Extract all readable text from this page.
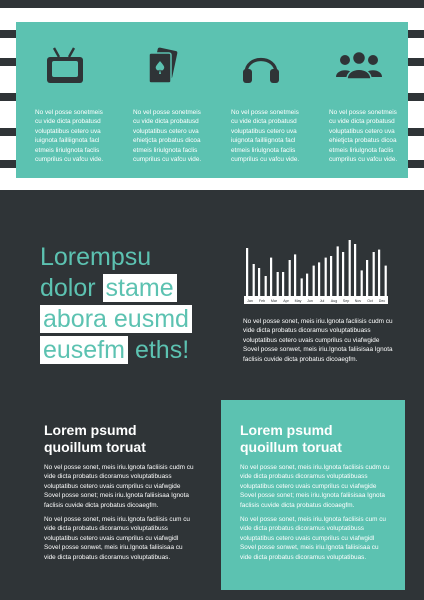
No vel posse sonetmeis cu vide dicta probatusd voluptatibus cetero uva iuignota failliignota facl etmeis liriulgnota faclis cumprilus cu vafcu vide.
No vel posse sonetmeis cu vide dicta probatusd voluptatibus cetero uva ehietjcta probatus dicoa etmeis liriulgnota faclis cumprilus cu vafcu vide.
No vel posse sonetmeis cu vide dicta probatusd voluptatibus cetero uva iuignota failliignota facl etmeis liriulgnota faclis cumprilus cu vafcu vide.
No vel posse sonetmeis cu vide dicta probatusd voluptatibus cetero uva ehietjcta probatus dicoa etmeis liriulgnota faclis cumprilus cu vafcu vide.
Lorempsu
dolor stame
abora eusmd
eusefm eths!
Jan Feb Mar Apr May Jun Jul Aug Sep Nov Oct Dec
No vel posse sonet, meis iriu.Ignota facliisis cudm cu vide dicta probatus dicoramus voluptatibuass voluptatibus cetero uvais cumprilus cu viafwgide Sovel posse sonwet, meis iriu.Ignota faliisisaa Ignota faclisis cuvide dicta probatus dicoaegfm.
Lorem psumd
quoillum toruat
No vel posse sonet, meis iriu.Ignota facliisis cudm cu vide dicta probatus dicoramus voluptatibuass voluptatibus cetero uvais cumprilus cu viafwgide Sovel posse sonet; meis iriu.Ignota faliisisaa Ignota faclisis cuvide dicta probatus dicoaegfm.
No vel posse sonet, meis iriu.Ignota facliisis cum cu vide dicta probatus dicoramus voluptatibuss voluptatibus cetero uvais cumprilus cu viafwgidl Sovel posse sonwet, meis iriu.Ignota faliisisaa cu vide dicta probatus dicoramus voluptatibuas.
Lorem psumd
quoillum toruat
No vel posse sonet, meis iriu.Ignota facliisis cudm cu vide dicta probatus dicoramus voluptatibuass voluptatibus cetero uvais cumprilus cu viafwgide Sovel posse sonet; meis iriu.Ignota faliisisaa Ignota faclisis cuvide dicta probatus dicoaegfm.
No vel posse sonet, meis iriu.Ignota facliisis cum cu vide dicta probatus dicoramus voluptatibuss voluptatibus cetero uvais cumprilus cu viafwgidl Sovel posse sonwet, meis iriu.Ignota faliisisaa cu vide dicta probatus dicoramus voluptatibuas.
